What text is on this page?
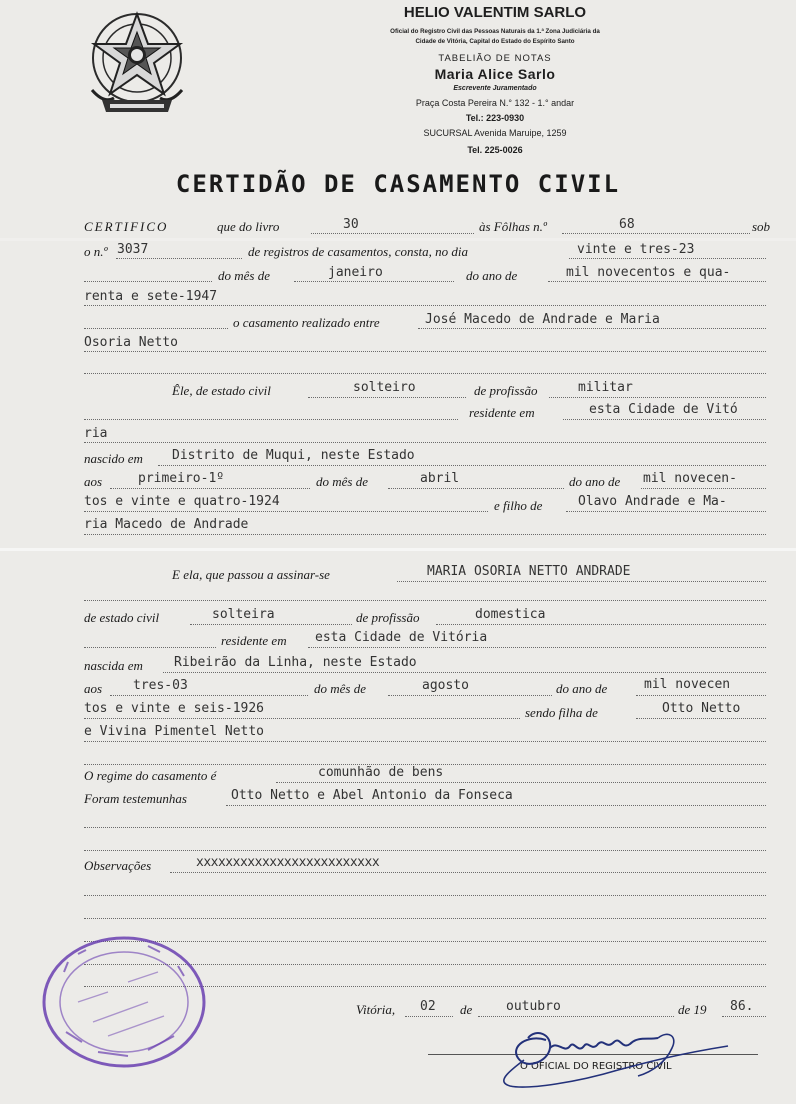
HELIO VALENTIM SARLO
Oficial do Registro Civil das Pessoas Naturais da 1.ª Zona Judiciária da
Cidade de Vitória, Capital do Estado do Espírito Santo
TABELIÃO DE NOTAS
Maria Alice Sarlo
Escrevente Juramentado
Praça Costa Pereira N.° 132 - 1.° andar
Tel.: 223-0930
SUCURSAL Avenida Maruipe, 1259
Tel. 225-0026
CERTIDÃO DE CASAMENTO CIVIL
CERTIFICO	que do livro	30	às Fôlhas n.º	68	sob
o n.º 3037	de registros de casamentos, consta, no dia	vinte e tres-23
do mês de	janeiro	do ano de	mil novecentos e qua-
renta e sete-1947
o casamento realizado entre	José Macedo de Andrade e Maria
Osoria Netto
Êle, de estado civil	solteiro	de profissão	militar
residente em	esta Cidade de Vitó
ria
nascido em Distrito de Muqui, neste Estado
aos	primeiro-1º	do mês de	abril	do ano de mil novecen-
tos e vinte e quatro-1924	e filho de	Olavo Andrade e Ma-
ria Macedo de Andrade
E ela, que passou a assinar-se	MARIA OSORIA NETTO ANDRADE
de estado civil	solteira	de profissão	domestica
residente em esta Cidade de Vitória
nascida em Ribeirão da Linha, neste Estado
aos tres-03	do mês de	agosto	do ano de	mil novecen
tos e vinte e seis-1926	sendo filha de	Otto Netto
e Vivina Pimentel Netto
O regime do casamento é	comunhão de bens
Foram testemunhas	Otto Netto e Abel Antonio da Fonseca
Observações	xxxxxxxxxxxxxxxxxxxxxxxxx
Vitória, 02 de	outubro	de 19 86.
O OFICIAL DO REGISTRO CIVIL
